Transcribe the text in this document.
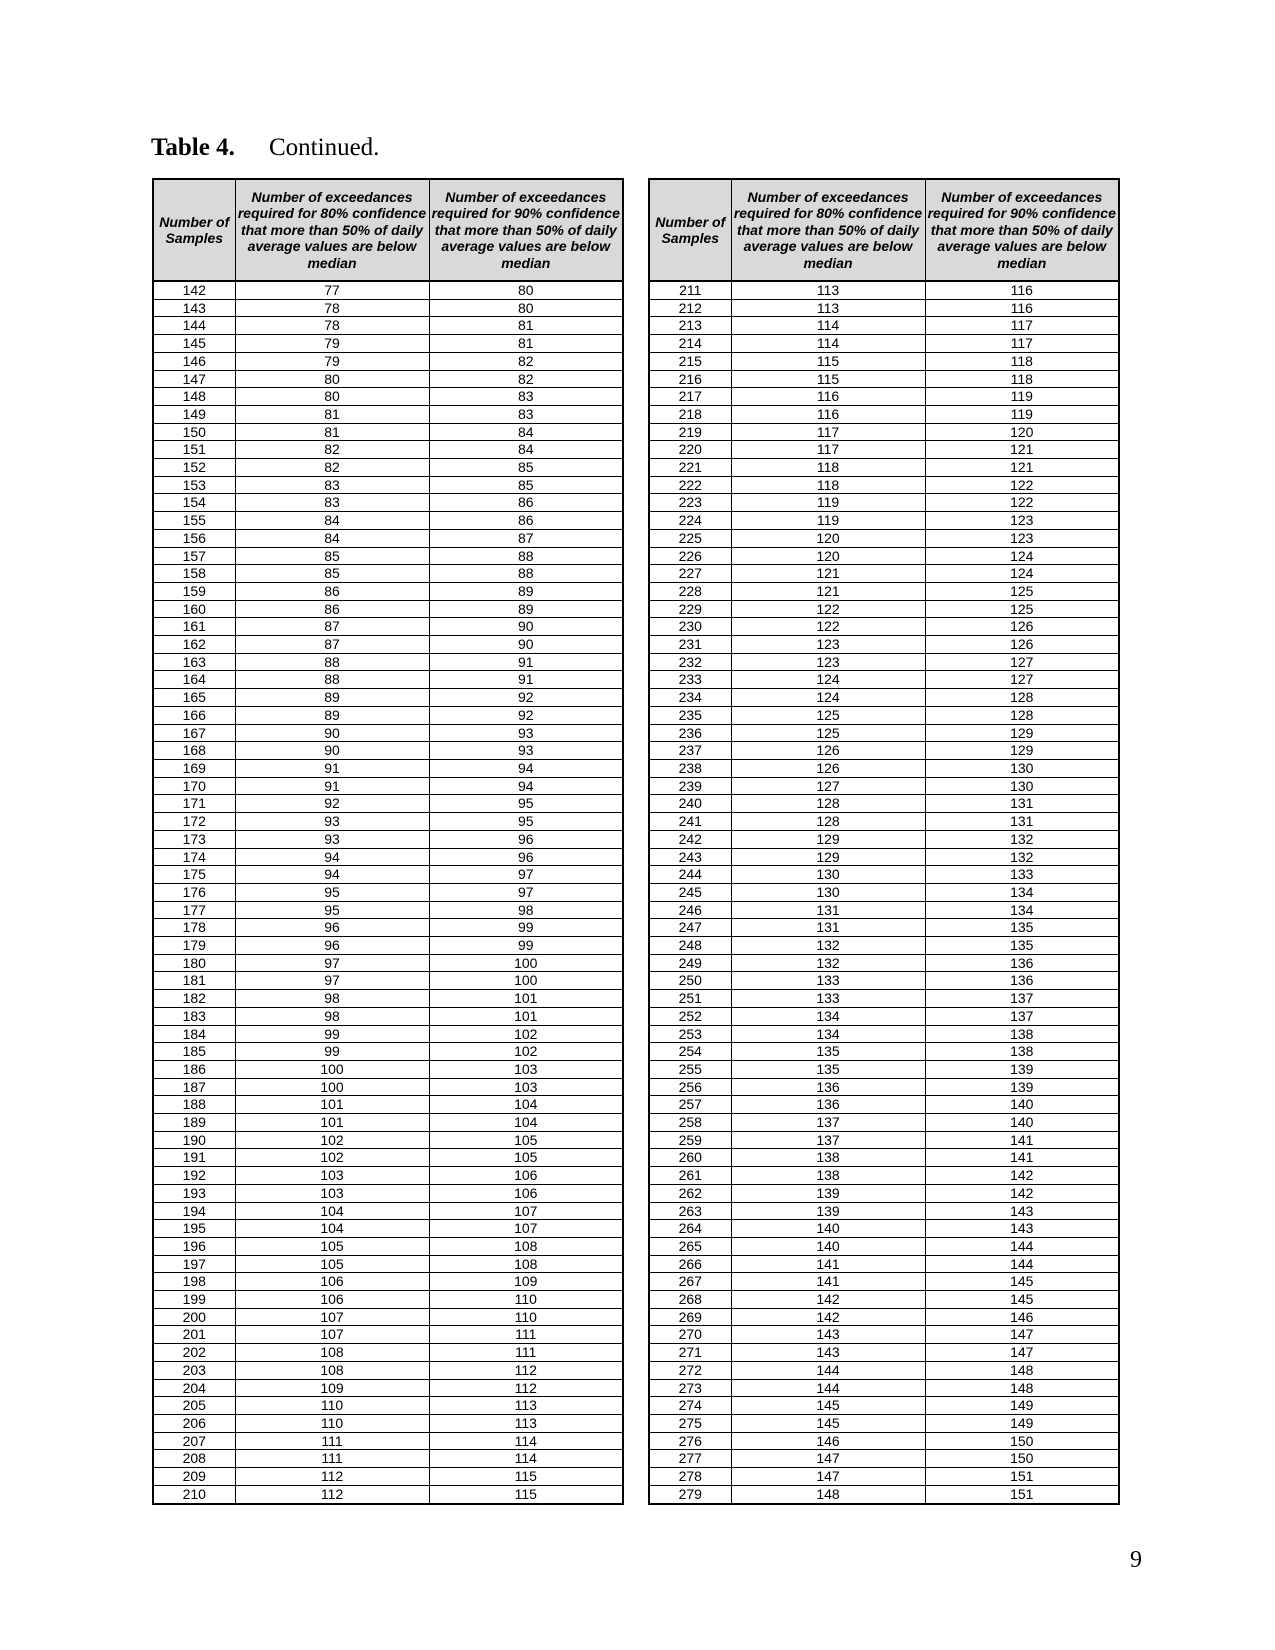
Table 4. Continued.
Number of Samples	Number of exceedances required for 80% confidence that more than 50% of daily average values are below median	Number of exceedances required for 90% confidence that more than 50% of daily average values are below median
142	77	80
143	78	80
144	78	81
145	79	81
146	79	82
147	80	82
148	80	83
149	81	83
150	81	84
151	82	84
152	82	85
153	83	85
154	83	86
155	84	86
156	84	87
157	85	88
158	85	88
159	86	89
160	86	89
161	87	90
162	87	90
163	88	91
164	88	91
165	89	92
166	89	92
167	90	93
168	90	93
169	91	94
170	91	94
171	92	95
172	93	95
173	93	96
174	94	96
175	94	97
176	95	97
177	95	98
178	96	99
179	96	99
180	97	100
181	97	100
182	98	101
183	98	101
184	99	102
185	99	102
186	100	103
187	100	103
188	101	104
189	101	104
190	102	105
191	102	105
192	103	106
193	103	106
194	104	107
195	104	107
196	105	108
197	105	108
198	106	109
199	106	110
200	107	110
201	107	111
202	108	111
203	108	112
204	109	112
205	110	113
206	110	113
207	111	114
208	111	114
209	112	115
210	112	115
Number of Samples	Number of exceedances required for 80% confidence that more than 50% of daily average values are below median	Number of exceedances required for 90% confidence that more than 50% of daily average values are below median
211	113	116
212	113	116
213	114	117
214	114	117
215	115	118
216	115	118
217	116	119
218	116	119
219	117	120
220	117	121
221	118	121
222	118	122
223	119	122
224	119	123
225	120	123
226	120	124
227	121	124
228	121	125
229	122	125
230	122	126
231	123	126
232	123	127
233	124	127
234	124	128
235	125	128
236	125	129
237	126	129
238	126	130
239	127	130
240	128	131
241	128	131
242	129	132
243	129	132
244	130	133
245	130	134
246	131	134
247	131	135
248	132	135
249	132	136
250	133	136
251	133	137
252	134	137
253	134	138
254	135	138
255	135	139
256	136	139
257	136	140
258	137	140
259	137	141
260	138	141
261	138	142
262	139	142
263	139	143
264	140	143
265	140	144
266	141	144
267	141	145
268	142	145
269	142	146
270	143	147
271	143	147
272	144	148
273	144	148
274	145	149
275	145	149
276	146	150
277	147	150
278	147	151
279	148	151
9
